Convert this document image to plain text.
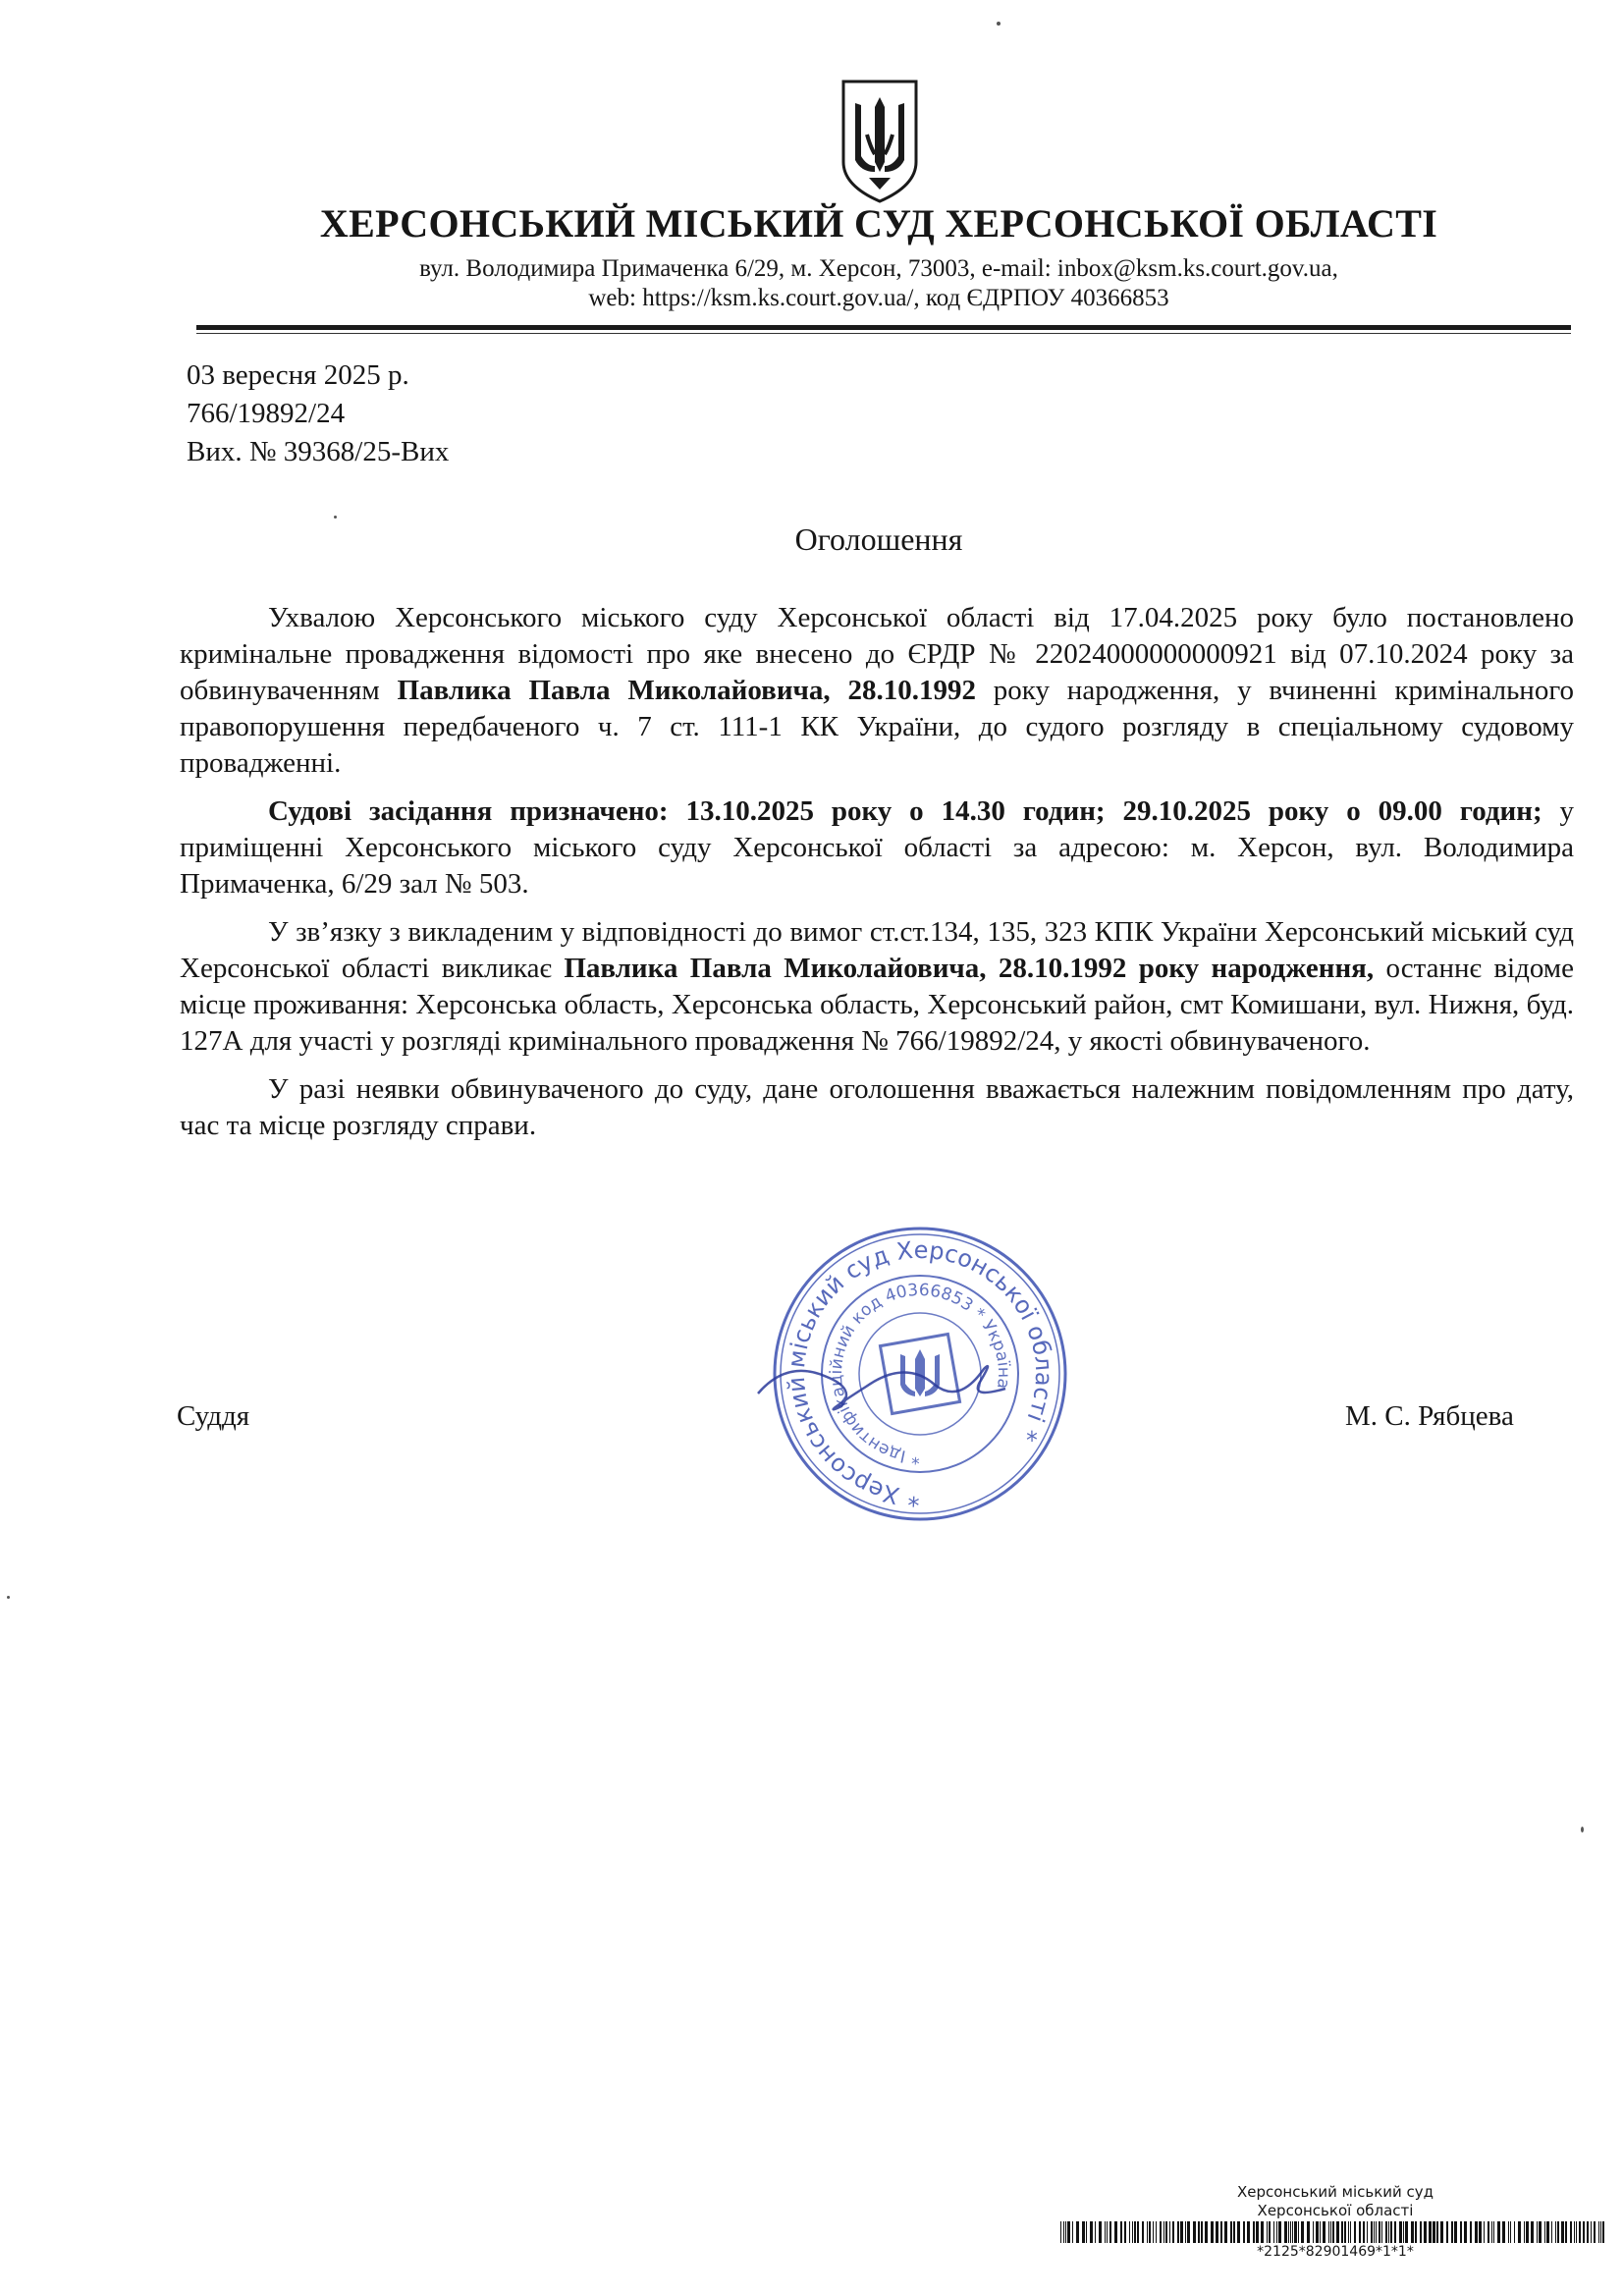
ХЕРСОНСЬКИЙ МІСЬКИЙ СУД ХЕРСОНСЬКОЇ ОБЛАСТІ
вул. Володимира Примаченка 6/29, м. Херсон, 73003, e-mail: inbox@ksm.ks.court.gov.ua,
web: https://ksm.ks.court.gov.ua/, код ЄДРПОУ 40366853
03 вересня 2025 р.
766/19892/24
Вих. № 39368/25-Вих
Оголошення

Ухвалою Херсонського міського суду Херсонської області від 17.04.2025 року було постановлено кримінальне провадження відомості про яке внесено до ЄРДР № 22024000000000921 від 07.10.2024 року за обвинуваченням Павлика Павла Миколайовича, 28.10.1992 року народження, у вчиненні кримінального правопорушення передбаченого ч. 7 ст. 111-1 КК України, до судого розгляду в спеціальному судовому провадженні.

Судові засідання призначено: 13.10.2025 року о 14.30 годин; 29.10.2025 року о 09.00 годин; у приміщенні Херсонського міського суду Херсонської області за адресою: м. Херсон, вул. Володимира Примаченка, 6/29 зал № 503.

У зв’язку з викладеним у відповідності до вимог ст.ст.134, 135, 323 КПК України Херсонський міський суд Херсонської області викликає Павлика Павла Миколайовича, 28.10.1992 року народження, останнє відоме місце проживання: Херсонська область, Херсонська область, Херсонський район, смт Комишани, вул. Нижня, буд. 127А для участі у розгляді кримінального провадження № 766/19892/24, у якості обвинуваченого.

У разі неявки обвинуваченого до суду, дане оголошення вважається належним повідомленням про дату, час та місце розгляду справи.

* Херсонський міський суд Херсонської області *
* Ідентифікаційний код 40366853 * Україна
Суддя	М. С. Рябцева
Херсонський міський суд
Херсонської області
*2125*82901469*1*1*
